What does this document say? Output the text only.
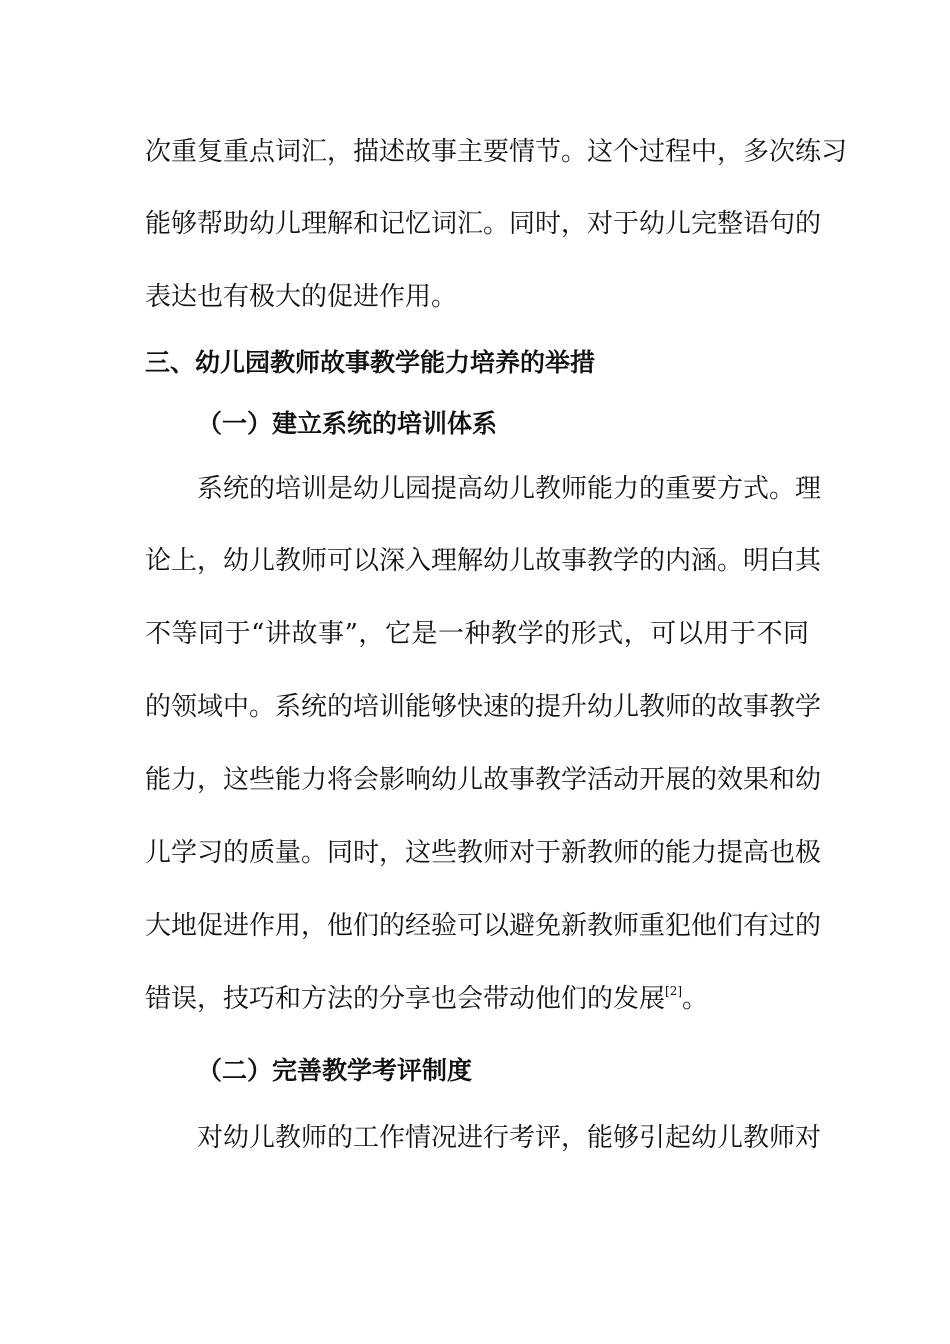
次重复重点词汇，描述故事主要情节。这个过程中，多次练习
能够帮助幼儿理解和记忆词汇。同时，对于幼儿完整语句的
表达也有极大的促进作用。
三、幼儿园教师故事教学能力培养的举措
（一）建立系统的培训体系
系统的培训是幼儿园提高幼儿教师能力的重要方式。理
论上，幼儿教师可以深入理解幼儿故事教学的内涵。明白其
不等同于“讲故事”，它是一种教学的形式，可以用于不同
的领域中。系统的培训能够快速的提升幼儿教师的故事教学
能力，这些能力将会影响幼儿故事教学活动开展的效果和幼
儿学习的质量。同时，这些教师对于新教师的能力提高也极
大地促进作用，他们的经验可以避免新教师重犯他们有过的
错误，技巧和方法的分享也会带动他们的发展[2]。
（二）完善教学考评制度
对幼儿教师的工作情况进行考评，能够引起幼儿教师对
